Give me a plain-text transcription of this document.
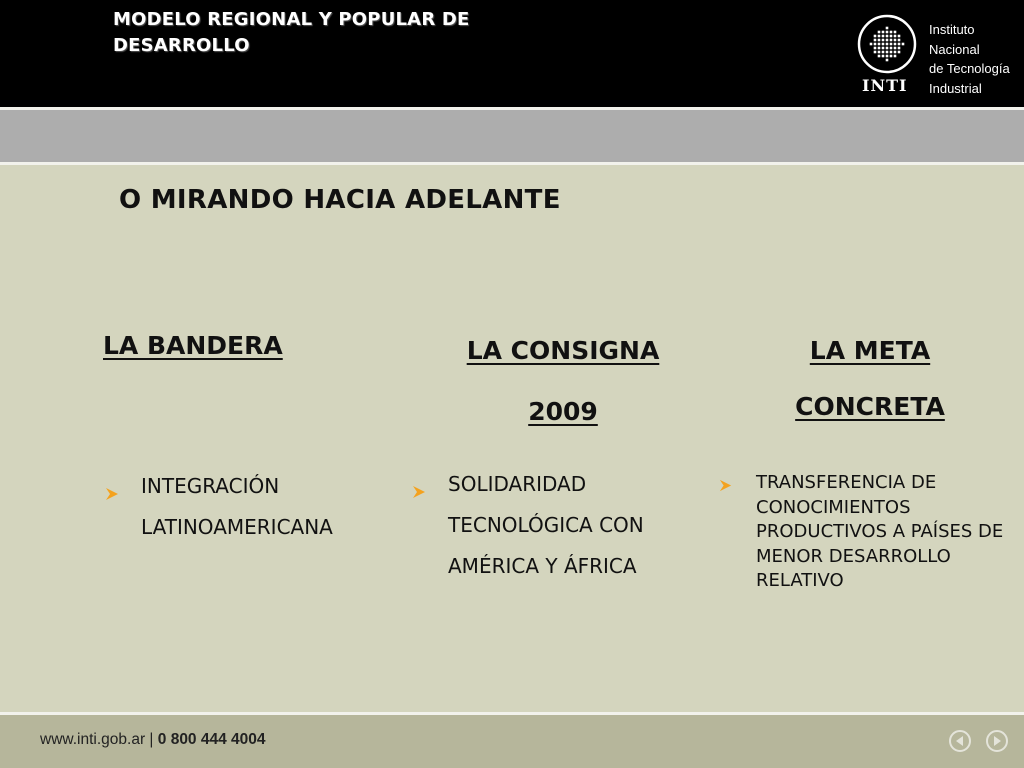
MODELO REGIONAL Y POPULAR DE DESARROLLO
INTI
Instituto
Nacional
de Tecnología
Industrial
O MIRANDO HACIA ADELANTE
LA BANDERA	LA CONSIGNA 2009
LA META CONCRETA
INTEGRACIÓN LATINOAMERICANA
SOLIDARIDAD TECNOLÓGICA CON AMÉRICA Y ÁFRICA
TRANSFERENCIA DE CONOCIMIENTOS PRODUCTIVOS A PAÍSES DE MENOR DESARROLLO RELATIVO
www.inti.gob.ar | 0 800 444 4004
